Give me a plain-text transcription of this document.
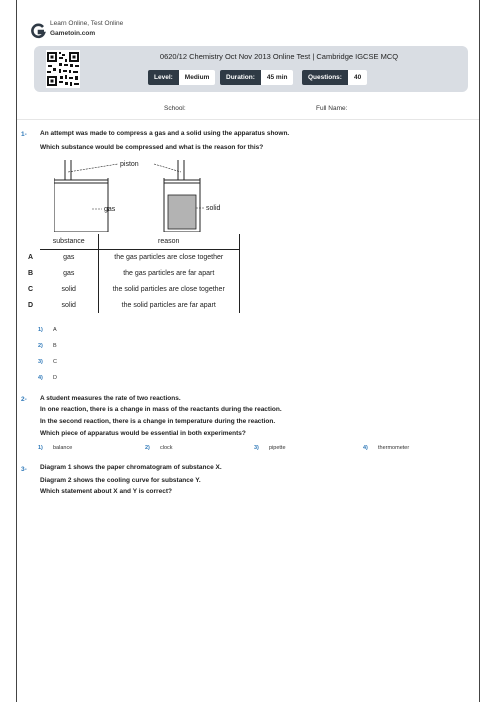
Learn Online, Test Online
Gametoin.com
0620/12 Chemistry Oct Nov 2013 Online Test | Cambridge IGCSE MCQ
Level:	Medium	Duration:	45 min	Questions:	40
School:	Full Name:
1- An attempt was made to compress a gas and a solid using the apparatus shown.
Which substance would be compressed and what is the reason for this?
piston
gas	solid
	substance	reason
A	gas	the gas particles are close together
B	gas	the gas particles are far apart
C	solid	the solid particles are close together
D	solid	the solid particles are far apart
1) A
2) B
3) C
4) D
2- A student measures the rate of two reactions.
In one reaction, there is a change in mass of the reactants during the reaction.
In the second reaction, there is a change in temperature during the reaction.
Which piece of apparatus would be essential in both experiments?
1) balance	2) clock	3) pipette	4) thermometer
3- Diagram 1 shows the paper chromatogram of substance X.
Diagram 2 shows the cooling curve for substance Y.
Which statement about X and Y is correct?
